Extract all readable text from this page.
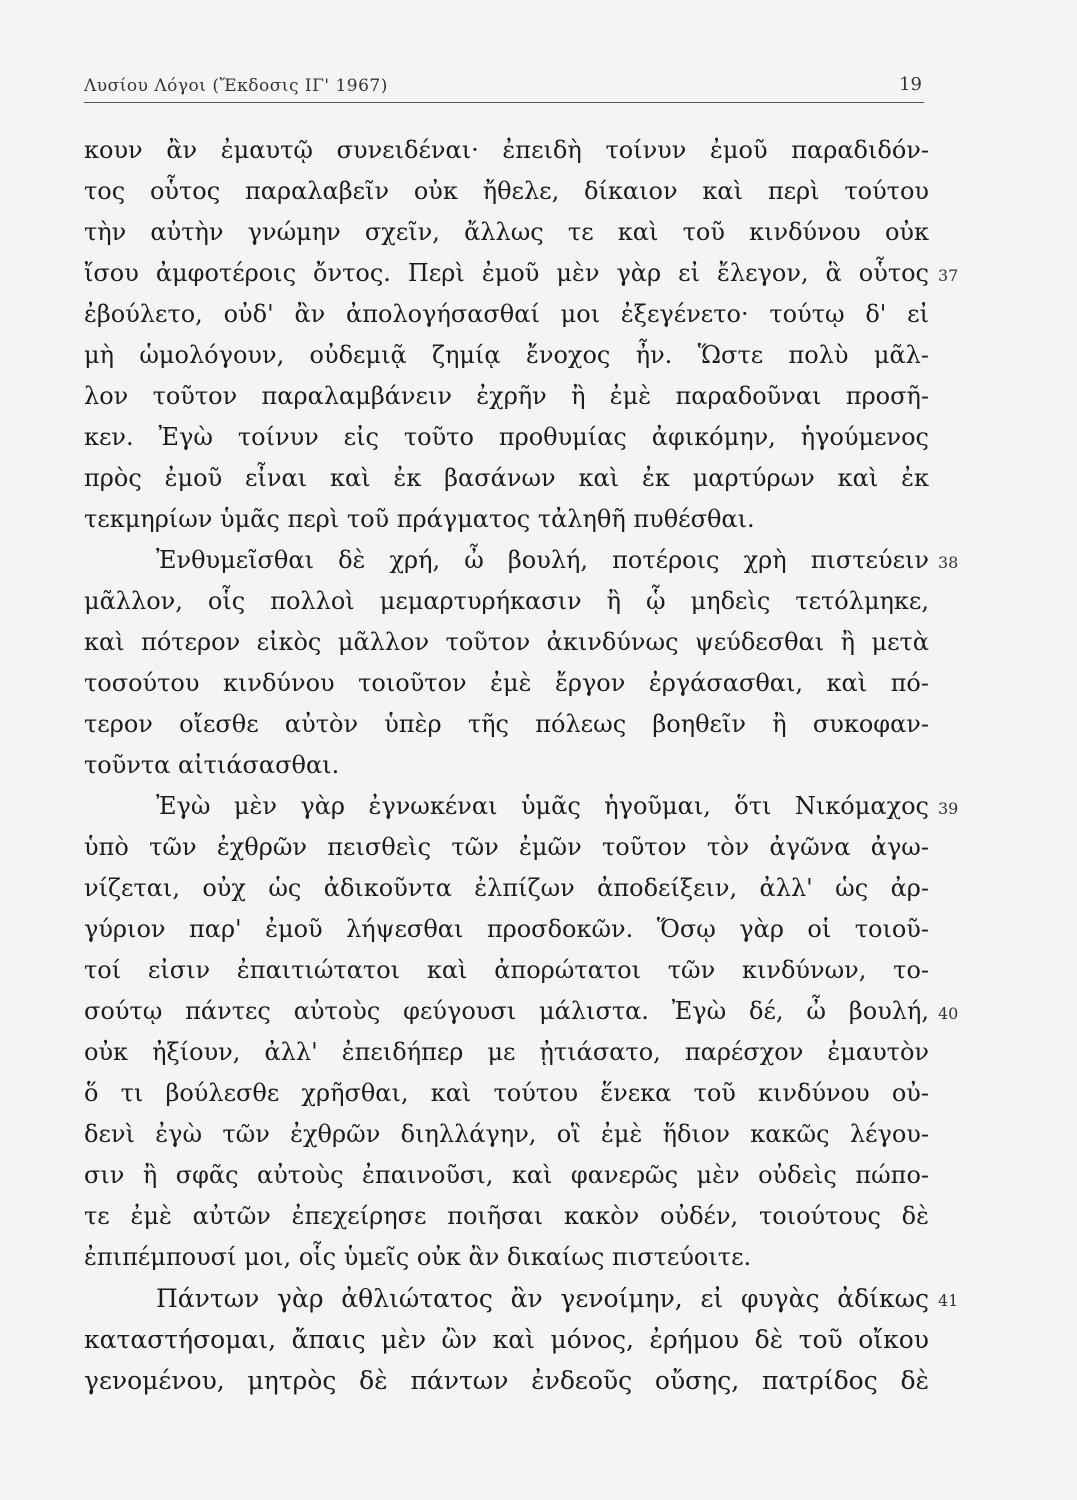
Λυσίου Λόγοι (Ἔκδοσις ΙΓ' 1967)	19
κουν ἂν ἐμαυτῷ συνειδέναι· ἐπειδὴ τοίνυν ἐμοῦ παραδιδόν-
τος οὗτος παραλαβεῖν οὐκ ἤθελε, δίκαιον καὶ περὶ τούτου
τὴν αὐτὴν γνώμην σχεῖν, ἄλλως τε καὶ τοῦ κινδύνου οὐκ
ἴσου ἀμφοτέροις ὄντος. Περὶ ἐμοῦ μὲν γὰρ εἰ ἔλεγον, ἃ οὗτος 37
ἐβούλετο, οὐδ' ἂν ἀπολογήσασθαί μοι ἐξεγένετο· τούτῳ δ' εἰ
μὴ ὡμολόγουν, οὐδεμιᾷ ζημίᾳ ἔνοχος ἦν. Ὥστε πολὺ μᾶλ-
λον τοῦτον παραλαμβάνειν ἐχρῆν ἢ ἐμὲ παραδοῦναι προσῆ-
κεν. Ἐγὼ τοίνυν εἰς τοῦτο προθυμίας ἀφικόμην, ἡγούμενος
πρὸς ἐμοῦ εἶναι καὶ ἐκ βασάνων καὶ ἐκ μαρτύρων καὶ ἐκ
τεκμηρίων ὑμᾶς περὶ τοῦ πράγματος τἀληθῆ πυθέσθαι.
Ἐνθυμεῖσθαι δὲ χρή, ὦ βουλή, ποτέροις χρὴ πιστεύειν 38
μᾶλλον, οἷς πολλοὶ μεμαρτυρήκασιν ἢ ᾧ μηδεὶς τετόλμηκε,
καὶ πότερον εἰκὸς μᾶλλον τοῦτον ἀκινδύνως ψεύδεσθαι ἢ μετὰ
τοσούτου κινδύνου τοιοῦτον ἐμὲ ἔργον ἐργάσασθαι, καὶ πό-
τερον οἴεσθε αὐτὸν ὑπὲρ τῆς πόλεως βοηθεῖν ἢ συκοφαν-
τοῦντα αἰτιάσασθαι.
Ἐγὼ μὲν γὰρ ἐγνωκέναι ὑμᾶς ἡγοῦμαι, ὅτι Νικόμαχος 39
ὑπὸ τῶν ἐχθρῶν πεισθεὶς τῶν ἐμῶν τοῦτον τὸν ἀγῶνα ἀγω-
νίζεται, οὐχ ὡς ἀδικοῦντα ἐλπίζων ἀποδείξειν, ἀλλ' ὡς ἀρ-
γύριον παρ' ἐμοῦ λήψεσθαι προσδοκῶν. Ὅσῳ γὰρ οἱ τοιοῦ-
τοί εἰσιν ἐπαιτιώτατοι καὶ ἀπορώτατοι τῶν κινδύνων, το-
σούτῳ πάντες αὐτοὺς φεύγουσι μάλιστα. Ἐγὼ δέ, ὦ βουλή, 40
οὐκ ἠξίουν, ἀλλ' ἐπειδήπερ με ᾐτιάσατο, παρέσχον ἐμαυτὸν
ὅ τι βούλεσθε χρῆσθαι, καὶ τούτου ἕνεκα τοῦ κινδύνου οὐ-
δενὶ ἐγὼ τῶν ἐχθρῶν διηλλάγην, οἳ ἐμὲ ἥδιον κακῶς λέγου-
σιν ἢ σφᾶς αὐτοὺς ἐπαινοῦσι, καὶ φανερῶς μὲν οὐδεὶς πώπο-
τε ἐμὲ αὐτῶν ἐπεχείρησε ποιῆσαι κακὸν οὐδέν, τοιούτους δὲ
ἐπιπέμπουσί μοι, οἷς ὑμεῖς οὐκ ἂν δικαίως πιστεύοιτε.
Πάντων γὰρ ἀθλιώτατος ἂν γενοίμην, εἰ φυγὰς ἀδίκως 41
καταστήσομαι, ἄπαις μὲν ὢν καὶ μόνος, ἐρήμου δὲ τοῦ οἴκου
γενομένου, μητρὸς δὲ πάντων ἐνδεοῦς οὔσης, πατρίδος δὲ
